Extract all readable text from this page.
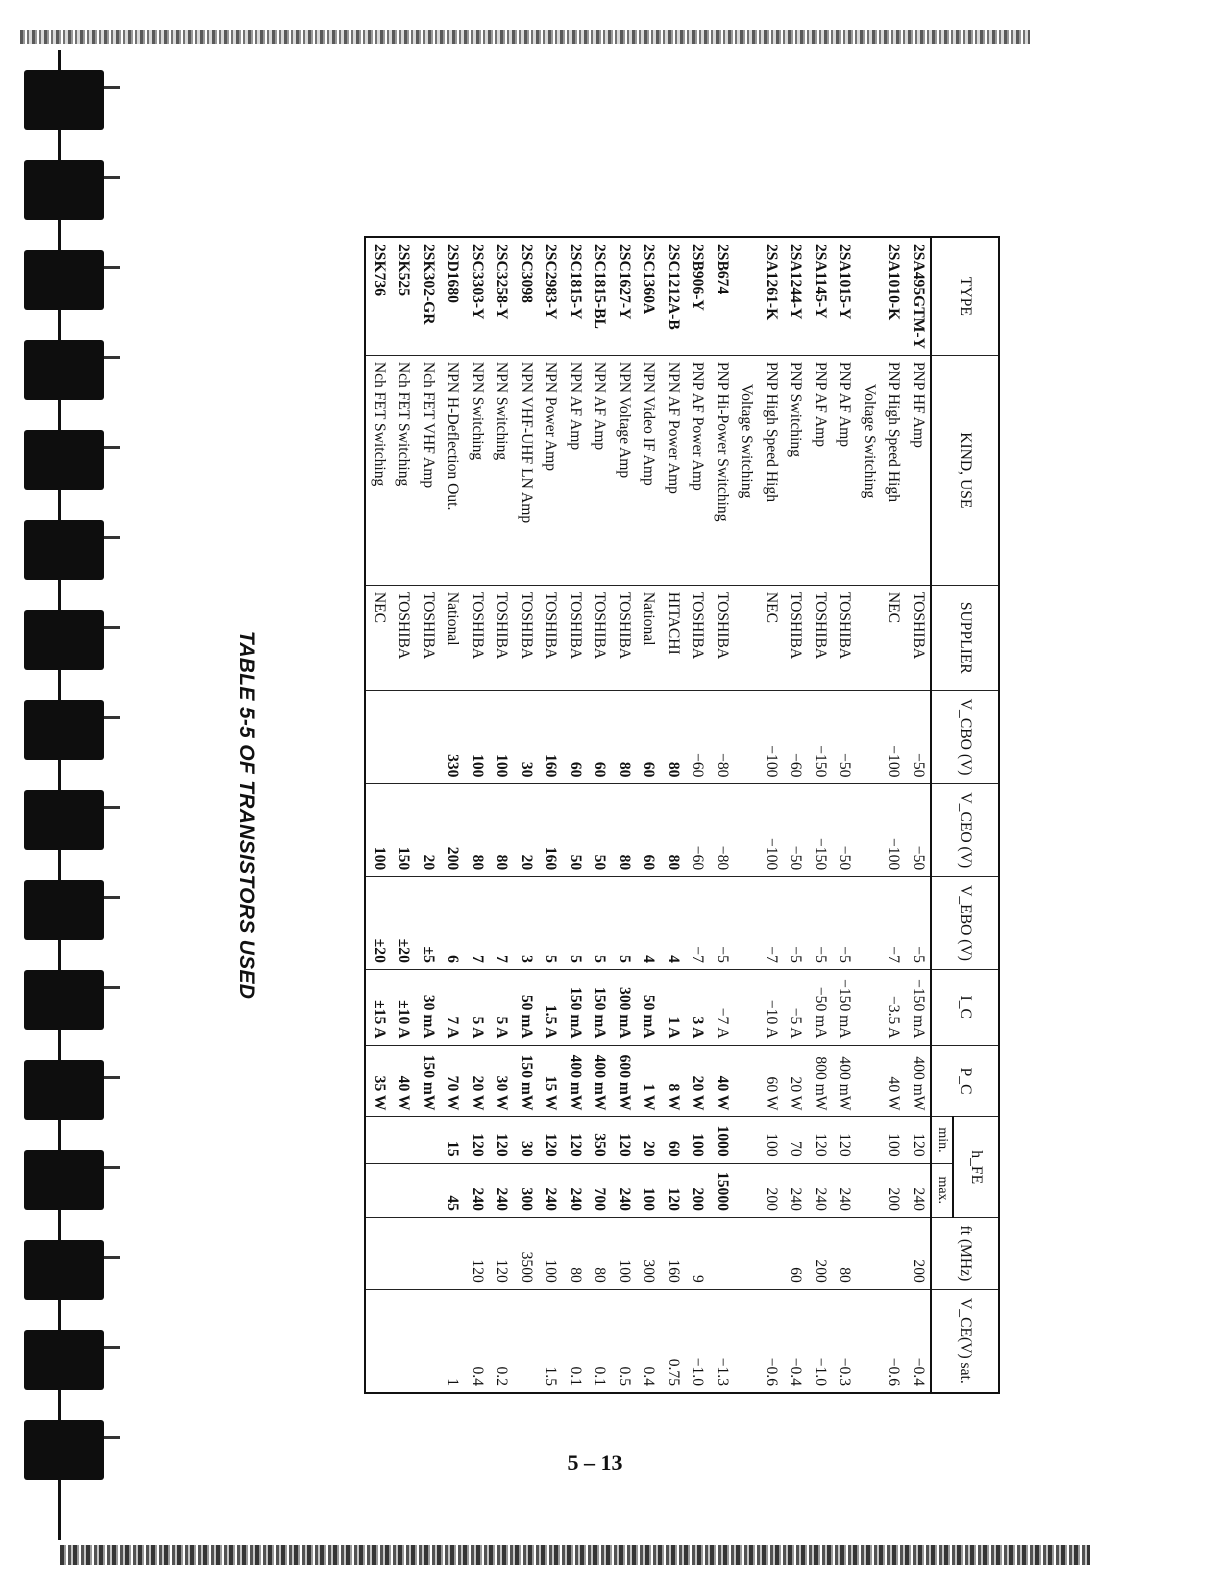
TYPE	KIND, USE	SUPPLIER	V_CBO (V)	V_CEO (V)	V_EBO (V)	I_C	P_C	h_FE		ft (MHz)	V_CE(V) sat.
								min.	max.		
2SA495GTM-Y	PNP HF Amp	TOSHIBA	−50	−50	−5	−150 mA	400 mW	120	240	200	−0.4
2SA1010-K	PNP High Speed High	NEC	−100	−100	−7	−3.5 A	40 W	100	200		−0.6
	Voltage Switching										
2SA1015-Y	PNP AF Amp	TOSHIBA	−50	−50	−5	−150 mA	400 mW	120	240	80	−0.3
2SA1145-Y	PNP AF Amp	TOSHIBA	−150	−150	−5	−50 mA	800 mW	120	240	200	−1.0
2SA1244-Y	PNP Switching	TOSHIBA	−60	−50	−5	−5 A	20 W	70	240	60	−0.4
2SA1261-K	PNP High Speed High	NEC	−100	−100	−7	−10 A	60 W	100	200		−0.6
	Voltage Switching										
2SB674	PNP Hi-Power Switching	TOSHIBA	−80	−80	−5	−7 A	40 W	1000	15000		−1.3
2SB906-Y	PNP AF Power Amp	TOSHIBA	−60	−60	−7	3 A	20 W	100	200	9	−1.0
2SC1212A-B	NPN AF Power Amp	HITACHI	80	80	4	1 A	8 W	60	120	160	0.75
2SC1360A	NPN Video IF Amp	National	60	60	4	50 mA	1 W	20	100	300	0.4
2SC1627-Y	NPN Voltage Amp	TOSHIBA	80	80	5	300 mA	600 mW	120	240	100	0.5
2SC1815-BL	NPN AF Amp	TOSHIBA	60	50	5	150 mA	400 mW	350	700	80	0.1
2SC1815-Y	NPN AF Amp	TOSHIBA	60	50	5	150 mA	400 mW	120	240	80	0.1
2SC2983-Y	NPN Power Amp	TOSHIBA	160	160	5	1.5 A	15 W	120	240	100	1.5
2SC3098	NPN VHF-UHF LN Amp	TOSHIBA	30	20	3	50 mA	150 mW	30	300	3500	
2SC3258-Y	NPN Switching	TOSHIBA	100	80	7	5 A	30 W	120	240	120	0.2
2SC3303-Y	NPN Switching	TOSHIBA	100	80	7	5 A	20 W	120	240	120	0.4
2SD1680	NPN H-Deflection Out.	National	330	200	6	7 A	70 W	15	45		1
2SK302-GR	Nch FET VHF Amp	TOSHIBA		20	±5	30 mA	150 mW				
2SK525	Nch FET Switching	TOSHIBA		150	±20	±10 A	40 W				
2SK736	Nch FET Switching	NEC		100	±20	±15 A	35 W				
TABLE 5-5 OF TRANSISTORS USED
5 – 13
